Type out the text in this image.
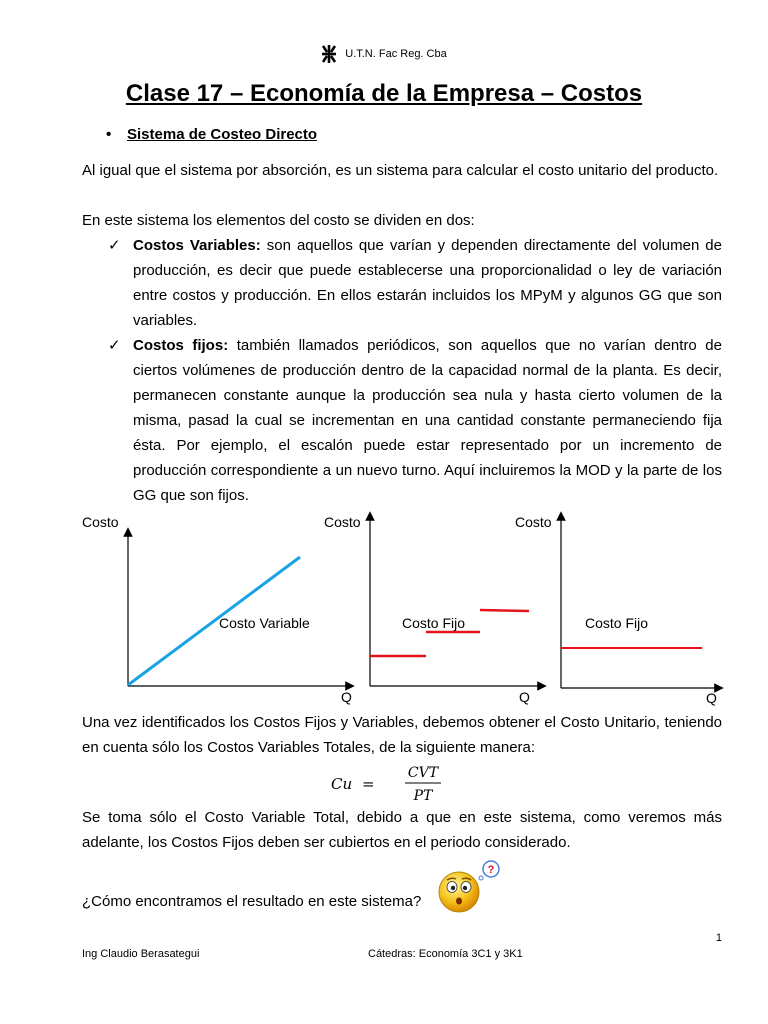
U.T.N. Fac Reg. Cba
Clase 17 – Economía de la Empresa – Costos
• Sistema de Costeo Directo
Al igual que el sistema por absorción, es un sistema para calcular el costo unitario del producto.
En este sistema los elementos del costo se dividen en dos:
✓ Costos Variables: son aquellos que varían y dependen directamente del volumen de producción, es decir que puede establecerse una proporcionalidad o ley de variación entre costos y producción. En ellos estarán incluidos los MPyM y algunos GG que son variables.
✓ Costos fijos: también llamados periódicos, son aquellos que no varían dentro de ciertos volúmenes de producción dentro de la capacidad normal de la planta. Es decir, permanecen constante aunque la producción sea nula y hasta cierto volumen de la misma, pasad la cual se incrementan en una cantidad constante permaneciendo fija ésta. Por ejemplo, el escalón puede estar representado por un incremento de producción correspondiente a un nuevo turno. Aquí incluiremos la MOD y la parte de los GG que son fijos.
Costo
Q
Costo Variable
Costo
Q
Costo Fijo
Costo
Q
Costo Fijo
Una vez identificados los Costos Fijos y Variables, debemos obtener el Costo Unitario, teniendo en cuenta sólo los Costos Variables Totales, de la siguiente manera:
Cu =
CVT
PT
Se toma sólo el Costo Variable Total, debido a que en este sistema, como veremos más adelante, los Costos Fijos deben ser cubiertos en el periodo considerado.
¿Cómo encontramos el resultado en este sistema?
?
1
Ing Claudio Berasategui	Cátedras: Economía 3C1 y 3K1
